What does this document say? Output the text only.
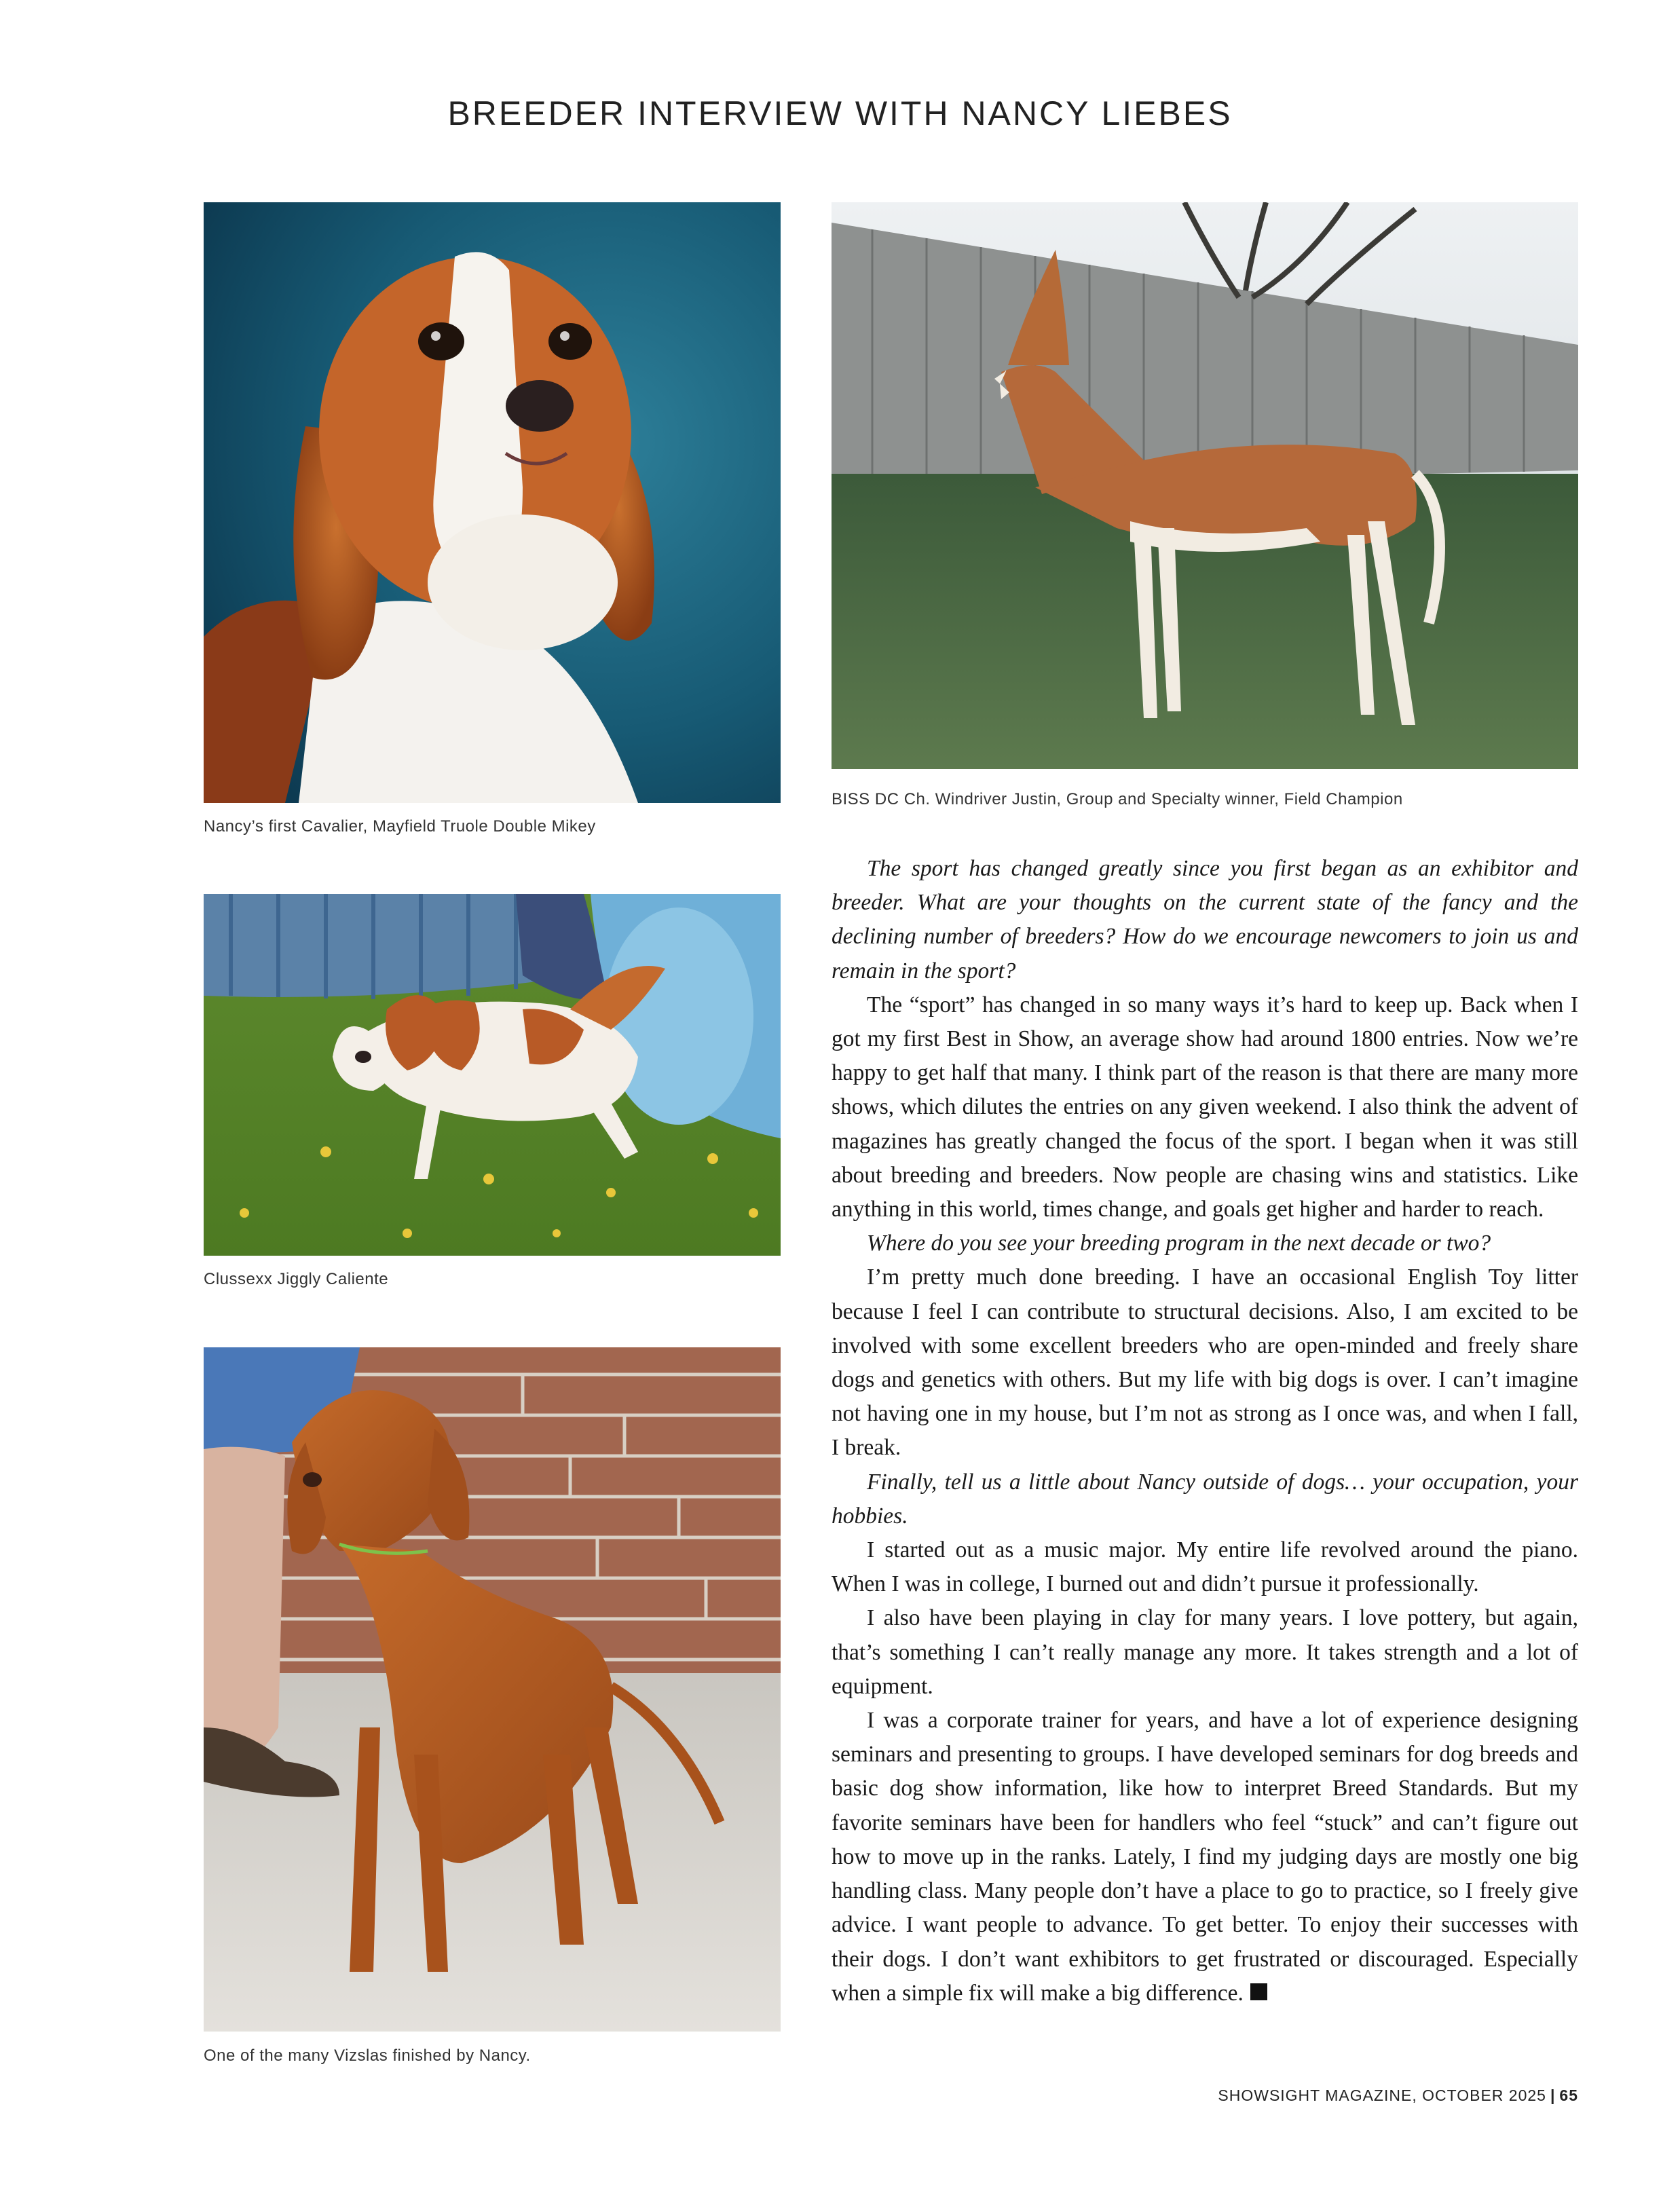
BREEDER INTERVIEW WITH NANCY LIEBES
Nancy’s first Cavalier, Mayfield Truole Double Mikey
BISS DC Ch. Windriver Justin, Group and Specialty winner, Field Champion
Clussexx Jiggly Caliente
One of the many Vizslas finished by Nancy.

The sport has changed greatly since you first began as an exhibitor and breeder. What are your thoughts on the current state of the fancy and the declining number of breeders? How do we encourage newcomers to join us and remain in the sport?

The “sport” has changed in so many ways it’s hard to keep up. Back when I got my first Best in Show, an average show had around 1800 entries. Now we’re happy to get half that many. I think part of the reason is that there are many more shows, which dilutes the entries on any given weekend. I also think the advent of magazines has greatly changed the focus of the sport. I began when it was still about breeding and breeders. Now people are chasing wins and statistics. Like anything in this world, times change, and goals get higher and harder to reach.

Where do you see your breeding program in the next decade or two?

I’m pretty much done breeding. I have an occasional English Toy litter because I feel I can contribute to structural decisions. Also, I am excited to be involved with some excellent breeders who are open-minded and freely share dogs and genetics with others. But my life with big dogs is over. I can’t imagine not having one in my house, but I’m not as strong as I once was, and when I fall, I break.

Finally, tell us a little about Nancy outside of dogs… your occupation, your hobbies.

I started out as a music major. My entire life revolved around the piano. When I was in college, I burned out and didn’t pursue it professionally.

I also have been playing in clay for many years. I love pottery, but again, that’s something I can’t really manage any more. It takes strength and a lot of equipment.

I was a corporate trainer for years, and have a lot of experience designing seminars and presenting to groups. I have developed seminars for dog breeds and basic dog show information, like how to interpret Breed Standards. But my favorite seminars have been for handlers who feel “stuck” and can’t figure out how to move up in the ranks. Lately, I find my judging days are mostly one big handling class. Many people don’t have a place to go to practice, so I freely give advice. I want people to advance. To get better. To enjoy their successes with their dogs. I don’t want exhibitors to get frustrated or discouraged. Especially when a simple fix will make a big difference.

SHOWSIGHT MAGAZINE, OCTOBER 2025 | 65
